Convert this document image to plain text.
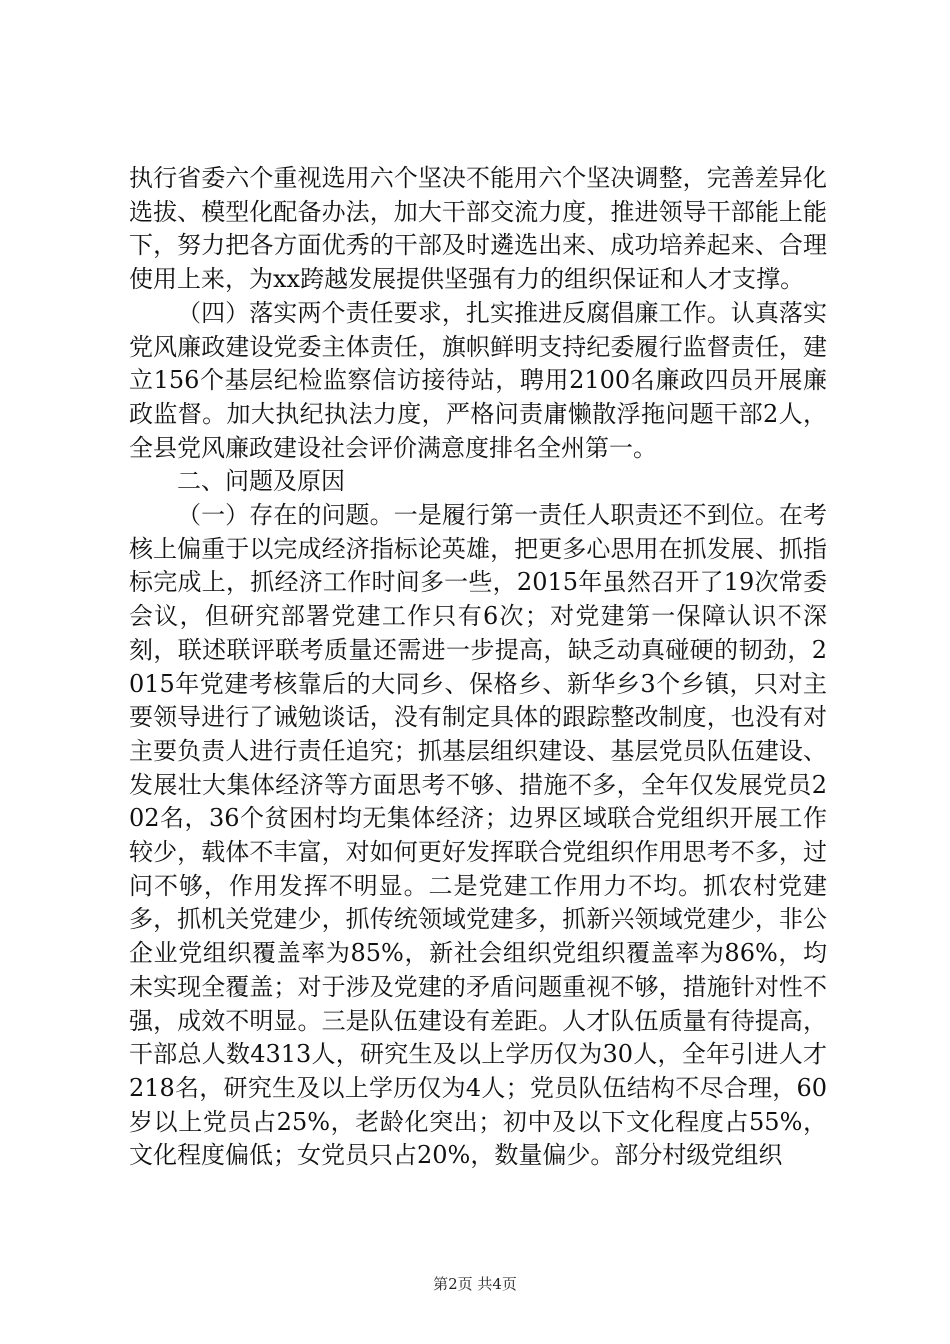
执行省委六个重视选用六个坚决不能用六个坚决调整，完善差异化选拔、模型化配备办法，加大干部交流力度，推进领导干部能上能下，努力把各方面优秀的干部及时遴选出来、成功培养起来、合理使用上来，为xx跨越发展提供坚强有力的组织保证和人才支撑。

（四）落实两个责任要求，扎实推进反腐倡廉工作。认真落实党风廉政建设党委主体责任，旗帜鲜明支持纪委履行监督责任，建立156个基层纪检监察信访接待站，聘用2100名廉政四员开展廉政监督。加大执纪执法力度，严格问责庸懒散浮拖问题干部2人，全县党风廉政建设社会评价满意度排名全州第一。

二、问题及原因

（一）存在的问题。一是履行第一责任人职责还不到位。在考核上偏重于以完成经济指标论英雄，把更多心思用在抓发展、抓指标完成上，抓经济工作时间多一些，2015年虽然召开了19次常委会议，但研究部署党建工作只有6次；对党建第一保障认识不深刻，联述联评联考质量还需进一步提高，缺乏动真碰硬的韧劲，2015年党建考核靠后的大同乡、保格乡、新华乡3个乡镇，只对主要领导进行了诫勉谈话，没有制定具体的跟踪整改制度，也没有对主要负责人进行责任追究；抓基层组织建设、基层党员队伍建设、发展壮大集体经济等方面思考不够、措施不多，全年仅发展党员202名，36个贫困村均无集体经济；边界区域联合党组织开展工作较少，载体不丰富，对如何更好发挥联合党组织作用思考不多，过问不够，作用发挥不明显。二是党建工作用力不均。抓农村党建多，抓机关党建少，抓传统领域党建多，抓新兴领域党建少，非公企业党组织覆盖率为85%，新社会组织党组织覆盖率为86%，均未实现全覆盖；对于涉及党建的矛盾问题重视不够，措施针对性不强，成效不明显。三是队伍建设有差距。人才队伍质量有待提高，干部总人数4313人，研究生及以上学历仅为30人，全年引进人才218名，研究生及以上学历仅为4人；党员队伍结构不尽合理，60岁以上党员占25%，老龄化突出；初中及以下文化程度占55%，文化程度偏低；女党员只占20%，数量偏少。部分村级党组织

第2页 共4页
